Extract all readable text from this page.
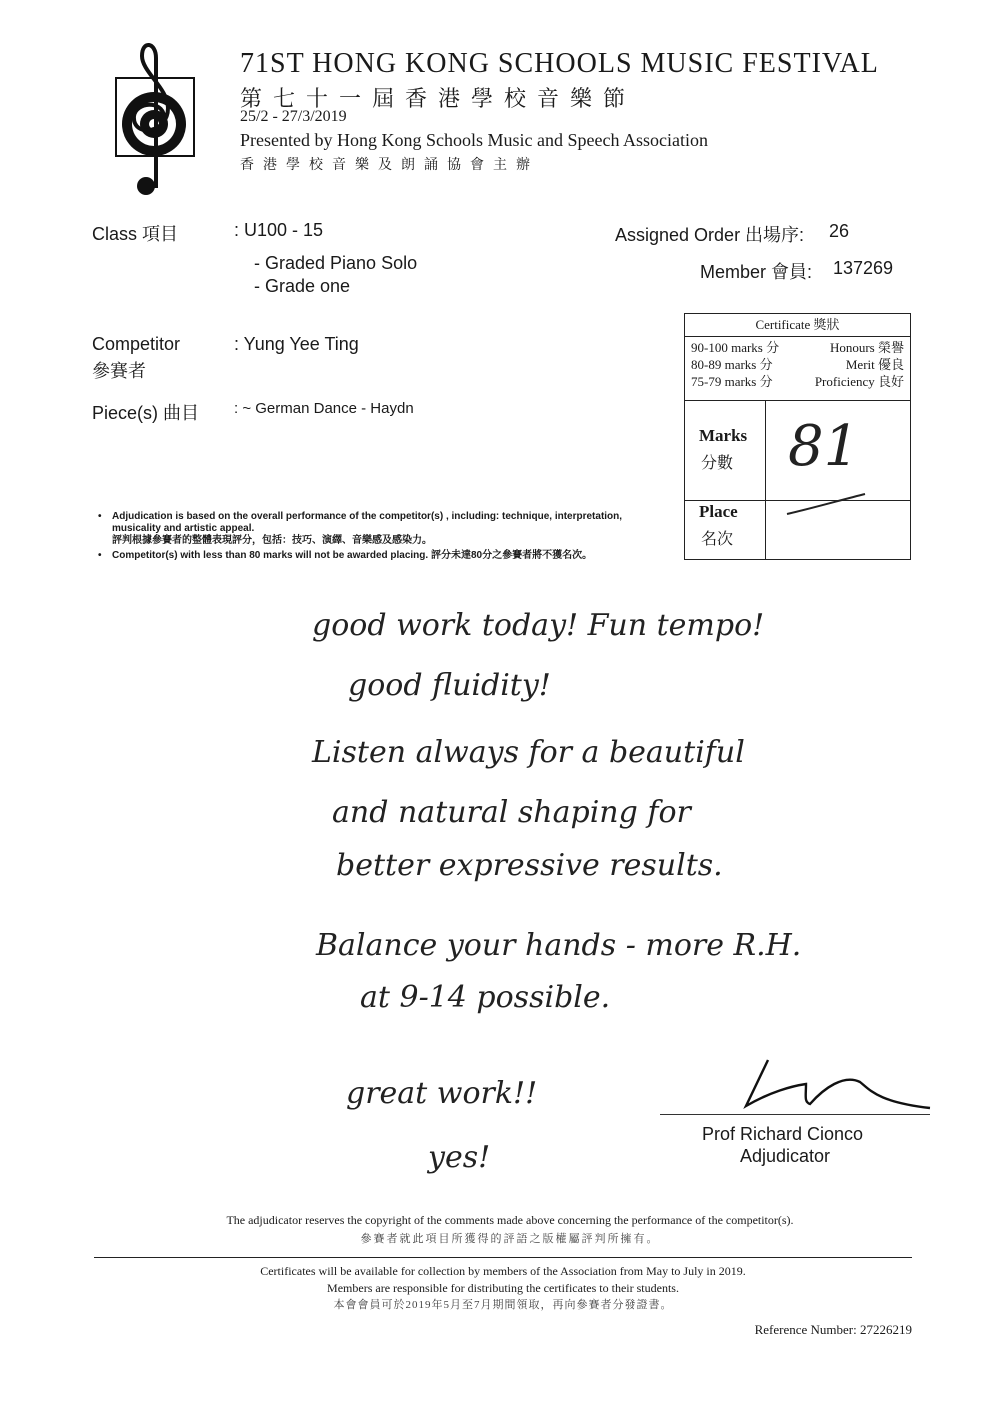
71ST HONG KONG SCHOOLS MUSIC FESTIVAL
第七十一屆香港學校音樂節
25/2 - 27/3/2019
Presented by Hong Kong Schools Music and Speech Association
香港學校音樂及朗誦協會主辦
Class 項目	: U100 - 15
- Graded Piano Solo
- Grade one
Assigned Order 出場序: 26
Member 會員: 137269
Competitor
參賽者
: Yung Yee Ting
Piece(s) 曲目 : ~ German Dance - Haydn
Certificate 獎狀
90-100 marks 分	Honours 榮譽
80-89 marks 分	Merit 優良
75-79 marks 分	Proficiency 良好
Marks
分數 81
Place
名次
• Adjudication is based on the overall performance of the competitor(s) , including: technique, interpretation, musicality and artistic appeal.
評判根據參賽者的整體表現評分，包括：技巧、演繹、音樂感及感染力。
• Competitor(s) with less than 80 marks will not be awarded placing. 評分未達80分之參賽者將不獲名次。
good work today! Fun tempo!
good fluidity!
Listen always for a beautiful
and natural shaping for
better expressive results.
Balance your hands - more R.H.
at 9-14 possible.
great work!!
yes!
Prof Richard Cionco
Adjudicator
The adjudicator reserves the copyright of the comments made above concerning the performance of the competitor(s).
參賽者就此項目所獲得的評語之版權屬評判所擁有。
Certificates will be available for collection by members of the Association from May to July in 2019.
Members are responsible for distributing the certificates to their students.
本會會員可於2019年5月至7月期間領取，再向參賽者分發證書。
Reference Number: 27226219
